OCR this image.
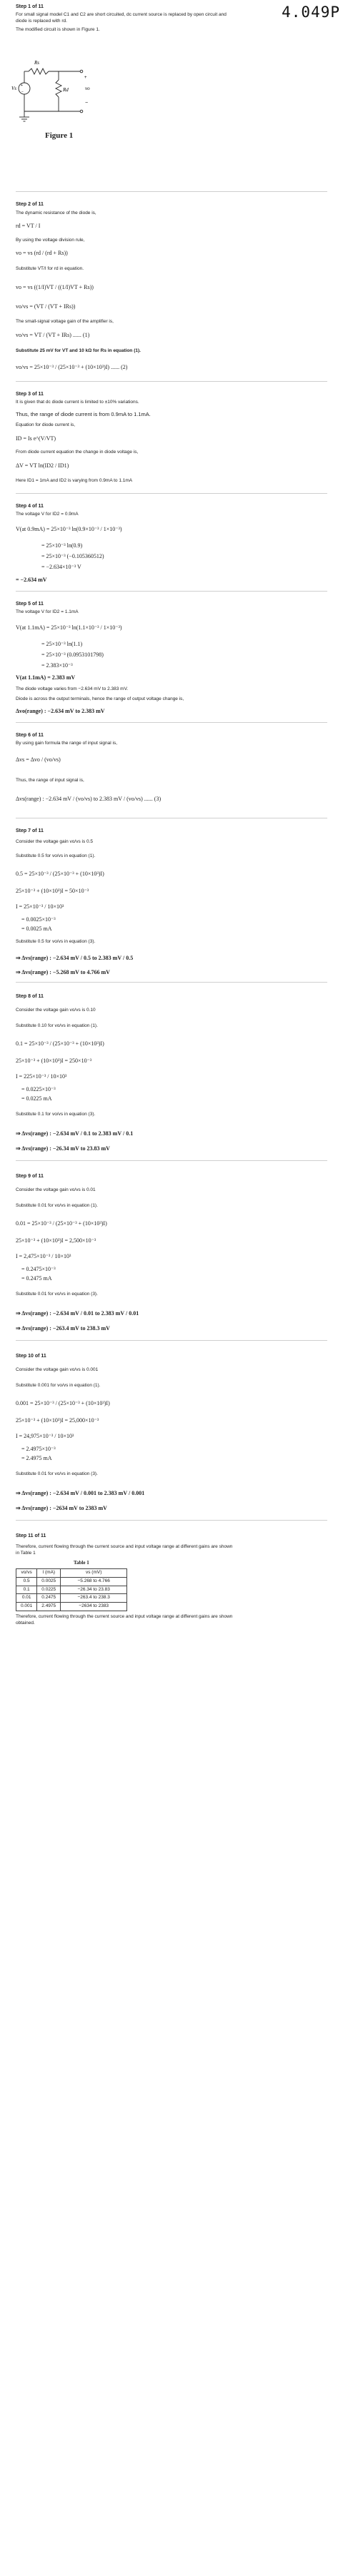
4.049P
Step 1 of 11
For small signal model C1 and C2 are short circuited, dc current source is replaced by open circuit and
diode is replaced with rd.
The modified circuit is shown in Figure 1.
+
−
Vs
Rs
Rd
+
vo
−
Figure 1
Step 2 of 11
The dynamic resistance of the diode is,
rd = VT / I
By using the voltage division rule,
vo = vs (rd / (rd + Rs))
Substitute VT/I for rd in equation.
vo = vs ((1/I)VT / ((1/I)VT + Rs))
vo/vs = (VT / (VT + IRs))
The small-signal voltage gain of the amplifier is,
vo/vs = VT / (VT + IRs) ...... (1)
Substitute 25 mV for VT and 10 kΩ for Rs in equation (1).
vo/vs = 25×10⁻³ / (25×10⁻³ + (10×10³)I) ...... (2)
Step 3 of 11
It is given that dc diode current is limited to ±10% variations.
Thus, the range of diode current is from 0.9mA to 1.1mA.
Equation for diode current is,
ID = Is e^(V/VT)
From diode current equation the change in diode voltage is,
ΔV = VT ln(ID2 / ID1)
Here ID1 = 1mA and ID2 is varying from 0.9mA to 1.1mA
Step 4 of 11
The voltage V for ID2 = 0.9mA
V(at 0.9mA) = 25×10⁻³ ln(0.9×10⁻³ / 1×10⁻³)
= 25×10⁻³ ln(0.9)
= 25×10⁻³ (−0.105360512)
= −2.634×10⁻³ V
= −2.634 mV
Step 5 of 11
The voltage V for ID2 = 1.1mA
V(at 1.1mA) = 25×10⁻³ ln(1.1×10⁻³ / 1×10⁻³)
= 25×10⁻³ ln(1.1)
= 25×10⁻³ (0.0953101798)
= 2.383×10⁻³
V(at 1.1mA) = 2.383 mV
The diode voltage varies from −2.634 mV to 2.383 mV.
Diode is across the output terminals, hence the range of output voltage change is,
Δvo(range) : −2.634 mV to 2.383 mV
Step 6 of 11
By using gain formula the range of input signal is,
Δvs = Δvo / (vo/vs)
Thus, the range of input signal is,
Δvs(range) : −2.634 mV / (vo/vs) to 2.383 mV / (vo/vs) ...... (3)
Step 7 of 11
Consider the voltage gain vo/vs is 0.5
Substitute 0.5 for vo/vs in equation (1).
0.5 = 25×10⁻³ / (25×10⁻³ + (10×10³)I)
25×10⁻³ + (10×10³)I = 50×10⁻³
I = 25×10⁻³ / 10×10³
= 0.0025×10⁻³
= 0.0025 mA
Substitute 0.5 for vo/vs in equation (3).
⇒ Δvs(range) : −2.634 mV / 0.5 to 2.383 mV / 0.5
⇒ Δvs(range) : −5.268 mV to 4.766 mV
Step 8 of 11
Consider the voltage gain vo/vs is 0.10
Substitute 0.10 for vo/vs in equation (1).
0.1 = 25×10⁻³ / (25×10⁻³ + (10×10³)I)
25×10⁻³ + (10×10³)I = 250×10⁻³
I = 225×10⁻³ / 10×10³
= 0.0225×10⁻³
= 0.0225 mA
Substitute 0.1 for vo/vs in equation (3).
⇒ Δvs(range) : −2.634 mV / 0.1 to 2.383 mV / 0.1
⇒ Δvs(range) : −26.34 mV to 23.83 mV
Step 9 of 11
Consider the voltage gain vo/vs is 0.01
Substitute 0.01 for vo/vs in equation (1).
0.01 = 25×10⁻³ / (25×10⁻³ + (10×10³)I)
25×10⁻³ + (10×10³)I = 2,500×10⁻³
I = 2,475×10⁻³ / 10×10³
= 0.2475×10⁻³
= 0.2475 mA
Substitute 0.01 for vo/vs in equation (3).
⇒ Δvs(range) : −2.634 mV / 0.01 to 2.383 mV / 0.01
⇒ Δvs(range) : −263.4 mV to 238.3 mV
Step 10 of 11
Consider the voltage gain vo/vs is 0.001
Substitute 0.001 for vo/vs in equation (1).
0.001 = 25×10⁻³ / (25×10⁻³ + (10×10³)I)
25×10⁻³ + (10×10³)I = 25,000×10⁻³
I = 24,975×10⁻³ / 10×10³
= 2.4975×10⁻³
= 2.4975 mA
Substitute 0.01 for vo/vs in equation (3).
⇒ Δvs(range) : −2.634 mV / 0.001 to 2.383 mV / 0.001
⇒ Δvs(range) : −2634 mV to 2383 mV
Step 11 of 11
Therefore, current flowing through the current source and input voltage range at different gains are shown
in Table 1
Table 1
vo/vs	I (mA)	vs (mV)
0.5	0.0025	−5.268 to 4.766
0.1	0.0225	−26.34 to 23.83
0.01	0.2475	−263.4 to 238.3
0.001	2.4975	−2634 to 2383
Therefore, current flowing through the current source and input voltage range at different gains are shown
obtained.
